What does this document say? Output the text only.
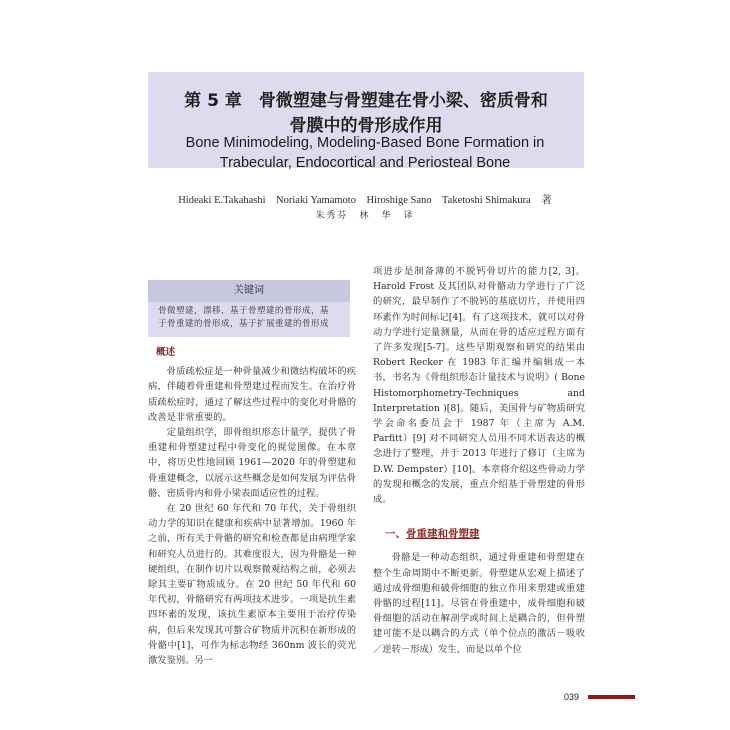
第 5 章　骨微塑建与骨塑建在骨小梁、密质骨和
骨膜中的骨形成作用
Bone Minimodeling, Modeling-Based Bone Formation in
Trabecular, Endocortical and Periosteal Bone
Hideaki E.Takahashi　Noriaki Yamamoto　Hiroshige Sano　Taketoshi Shimakura　著
朱秀芬　林　华　译
关键词
骨微塑建，漂移，基于骨塑建的骨形成，基
于骨重建的骨形成，基于扩展重建的骨形成
概述

骨质疏松症是一种骨量减少和微结构破坏的疾病，伴随着骨重建和骨塑建过程而发生。在治疗骨质疏松症时，通过了解这些过程中的变化对骨骼的改善是非常重要的。

定量组织学，即骨组织形态计量学，提供了骨重建和骨塑建过程中骨变化的视觉图像。在本章中，将历史性地回顾 1961—2020 年的骨塑建和骨重建概念，以展示这些概念是如何发展为评估骨骼、密质骨内和骨小梁表面适应性的过程。

在 20 世纪 60 年代和 70 年代，关于骨组织动力学的知识在健康和疾病中显著增加。1960 年之前，所有关于骨骼的研究和检查都是由病理学家和研究人员进行的。其难度很大，因为骨骼是一种硬组织，在制作切片以观察微观结构之前，必须去除其主要矿物质成分。在 20 世纪 50 年代和 60 年代初，骨骼研究有两项技术进步。一项是抗生素四环素的发现，该抗生素原本主要用于治疗传染病，但后来发现其可螯合矿物质并沉积在新形成的骨骼中[1]，可作为标志物经 360nm 波长的荧光激发鉴别。另一

项进步是制备薄的不脱钙骨切片的能力[2, 3]。Harold Frost 及其团队对骨骼动力学进行了广泛的研究，最早制作了不脱钙的基底切片，并使用四环素作为时间标记[4]。有了这项技术，就可以对骨动力学进行定量测量，从而在骨的适应过程方面有了许多发现[5-7]。这些早期观察和研究的结果由 Robert Recker 在 1983 年汇编并编辑成一本书，书名为《骨组织形态计量技术与说明》( Bone Histomorphometry-Techniques and Interpretation )[8]。随后，美国骨与矿物质研究学会命名委员会于 1987 年（主席为 A.M. Parfitt）[9] 对不同研究人员用不同术语表达的概念进行了整理，并于 2013 年进行了修订（主席为 D.W. Dempster）[10]。本章将介绍这些骨动力学的发现和概念的发展，重点介绍基于骨塑建的骨形成。

一、骨重建和骨塑建

骨骼是一种动态组织，通过骨重建和骨塑建在整个生命周期中不断更新。骨塑建从宏观上描述了通过成骨细胞和破骨细胞的独立作用来塑建或重建骨骼的过程[11]。尽管在骨重建中，成骨细胞和破骨细胞的活动在解剖学或时间上是耦合的，但骨塑建可能不是以耦合的方式（单个位点的激活－吸收／逆转－形成）发生，而是以单个位

039
